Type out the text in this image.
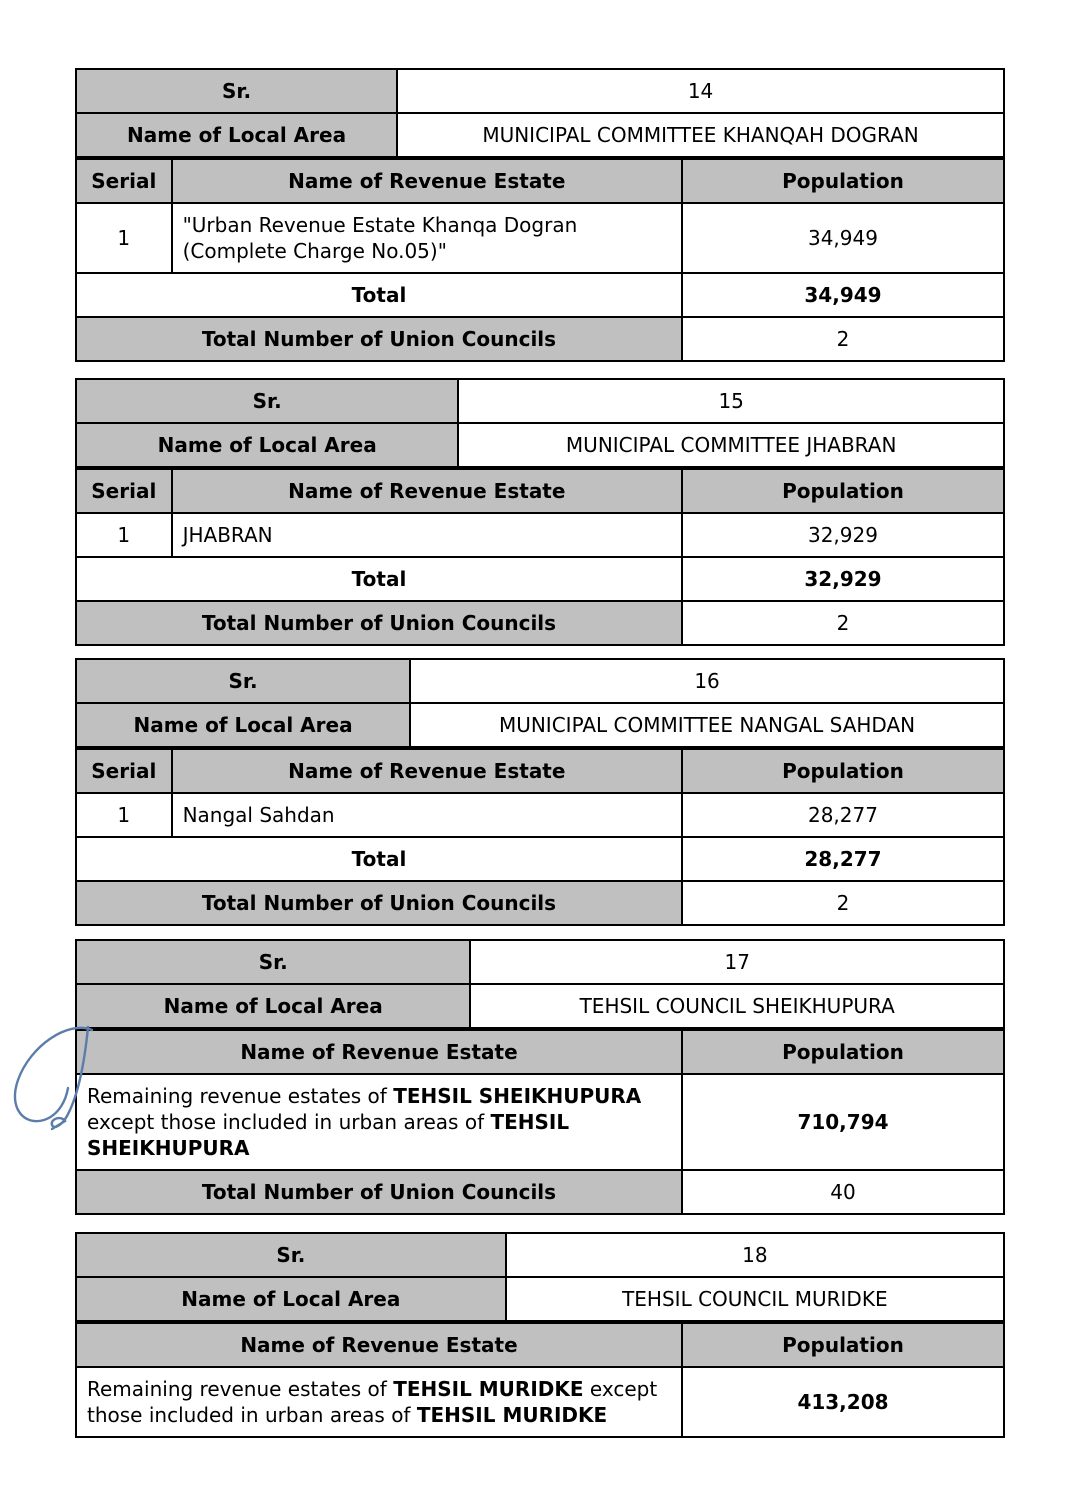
Sr.	14
Name of Local Area	MUNICIPAL COMMITTEE KHANQAH DOGRAN
Serial	Name of Revenue Estate	Population
1	"Urban Revenue Estate Khanqa Dogran (Complete Charge No.05)"	34,949
Total		34,949
Total Number of Union Councils		2
Sr.	15
Name of Local Area	MUNICIPAL COMMITTEE JHABRAN
Serial	Name of Revenue Estate	Population
1	JHABRAN	32,929
Total		32,929
Total Number of Union Councils		2
Sr.	16
Name of Local Area	MUNICIPAL COMMITTEE NANGAL SAHDAN
Serial	Name of Revenue Estate	Population
1	Nangal Sahdan	28,277
Total		28,277
Total Number of Union Councils		2
Sr.	17
Name of Local Area	TEHSIL COUNCIL SHEIKHUPURA
Name of Revenue Estate	Population
Remaining revenue estates of TEHSIL SHEIKHUPURA except those included in urban areas of TEHSIL SHEIKHUPURA	710,794
Total Number of Union Councils	40
Sr.	18
Name of Local Area	TEHSIL COUNCIL MURIDKE
Name of Revenue Estate	Population
Remaining revenue estates of TEHSIL MURIDKE except those included in urban areas of TEHSIL MURIDKE	413,208
